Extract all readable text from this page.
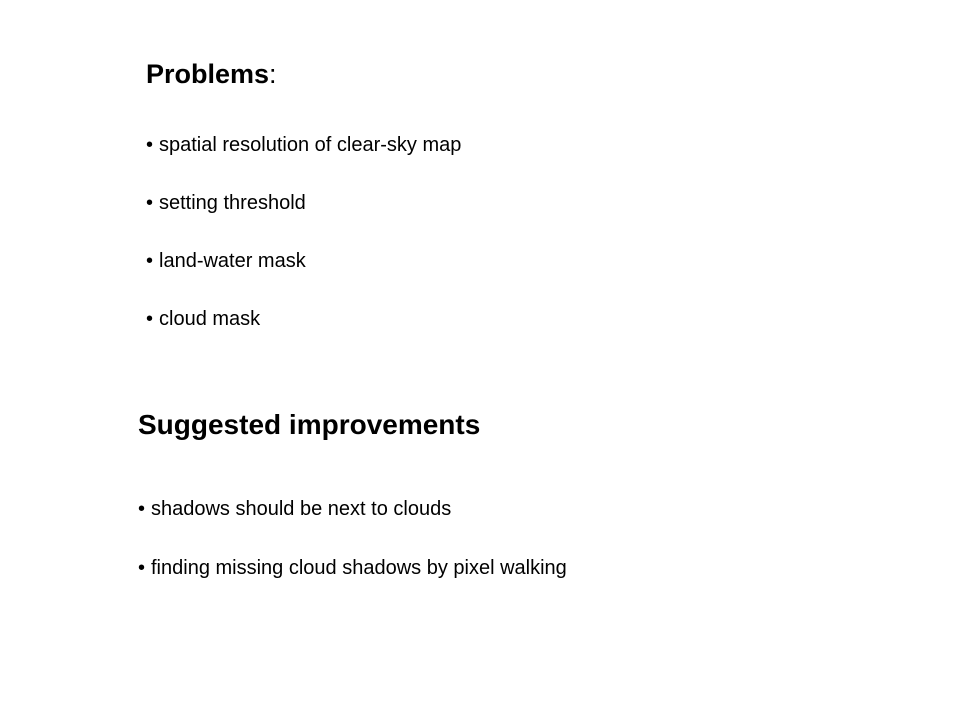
Problems:
• spatial resolution of clear-sky map
• setting threshold
• land-water mask
• cloud mask
Suggested improvements
• shadows should be next to clouds
• finding missing cloud shadows by pixel walking
